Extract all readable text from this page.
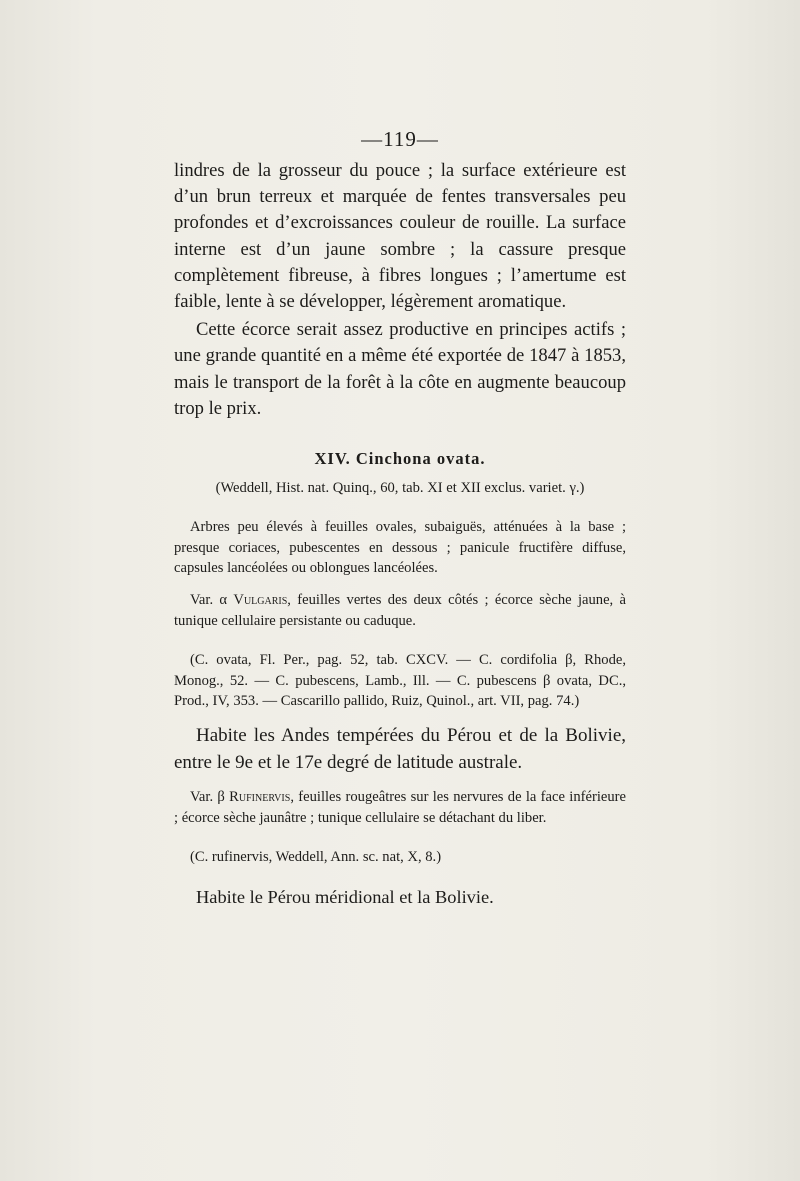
— 119 —

lindres de la grosseur du pouce ; la surface extérieure est d’un brun terreux et marquée de fentes transversales peu profondes et d’excroissances couleur de rouille. La surface interne est d’un jaune sombre ; la cassure presque complètement fibreuse, à fibres longues ; l’amertume est faible, lente à se développer, légèrement aromatique.

Cette écorce serait assez productive en principes actifs ; une grande quantité en a même été exportée de 1847 à 1853, mais le transport de la forêt à la côte en augmente beaucoup trop le prix.

XIV. Cinchona ovata.

(Weddell, Hist. nat. Quinq., 60, tab. XI et XII exclus. variet. γ.)

Arbres peu élevés à feuilles ovales, subaiguës, atténuées à la base ; presque coriaces, pubescentes en dessous ; panicule fructifère diffuse, capsules lancéolées ou oblongues lancéolées.

Var. α Vulgaris, feuilles vertes des deux côtés ; écorce sèche jaune, à tunique cellulaire persistante ou caduque.

(C. ovata, Fl. Per., pag. 52, tab. CXCV. — C. cordifolia β, Rhode, Monog., 52. — C. pubescens, Lamb., Ill. — C. pubescens β ovata, DC., Prod., IV, 353. — Cascarillo pallido, Ruiz, Quinol., art. VII, pag. 74.)

Habite les Andes tempérées du Pérou et de la Bolivie, entre le 9e et le 17e degré de latitude australe.

Var. β Rufinervis, feuilles rougeâtres sur les nervures de la face inférieure ; écorce sèche jaunâtre ; tunique cellulaire se détachant du liber.

(C. rufinervis, Weddell, Ann. sc. nat, X, 8.)

Habite le Pérou méridional et la Bolivie.
